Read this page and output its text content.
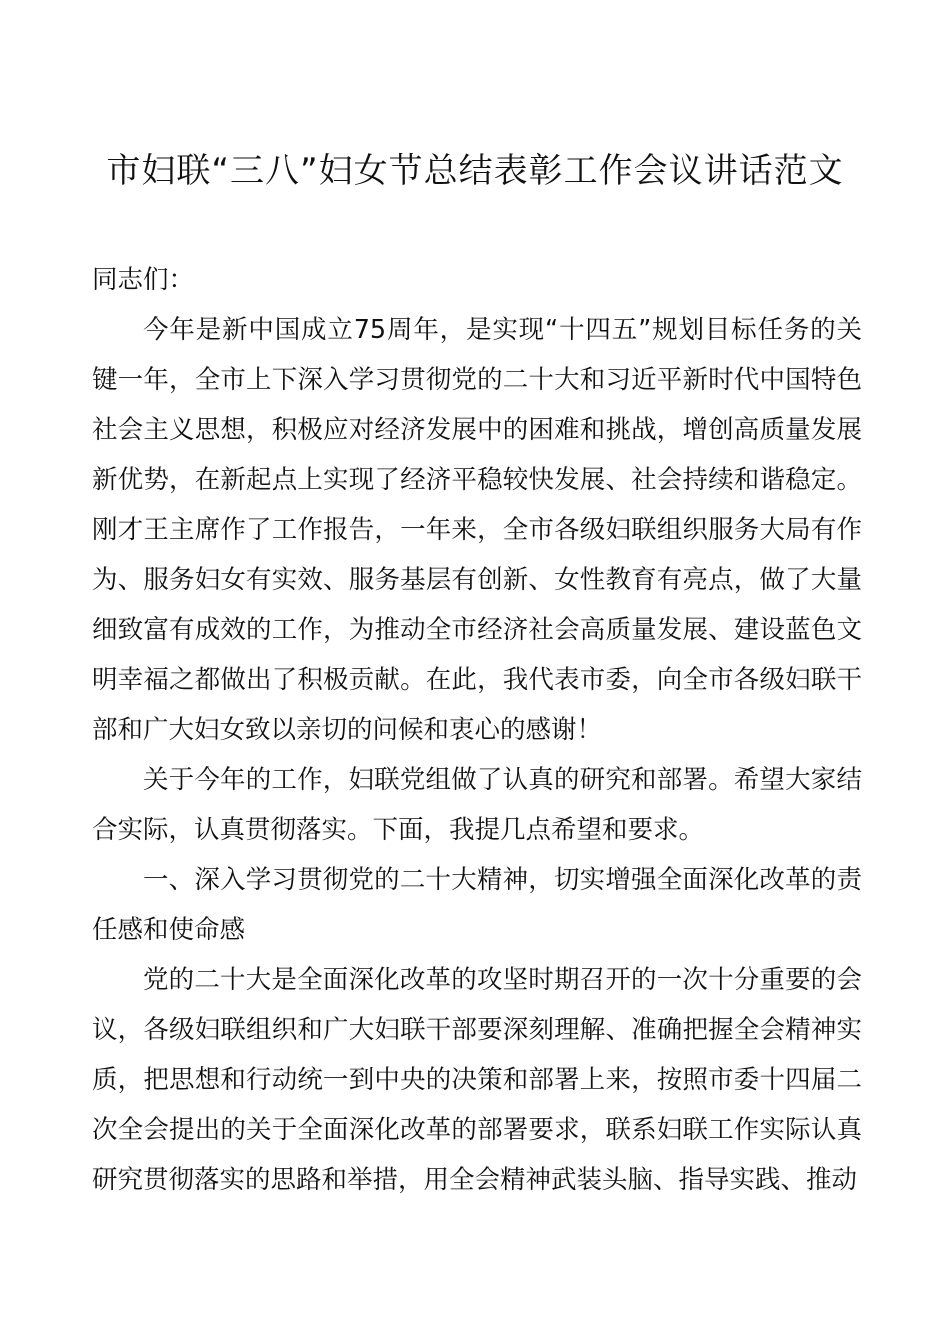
市妇联“三八”妇女节总结表彰工作会议讲话范文

同志们：

今年是新中国成立75周年，是实现“十四五”规划目标任务的关键一年，全市上下深入学习贯彻党的二十大和习近平新时代中国特色社会主义思想，积极应对经济发展中的困难和挑战，增创高质量发展新优势，在新起点上实现了经济平稳较快发展、社会持续和谐稳定。刚才王主席作了工作报告，一年来，全市各级妇联组织服务大局有作为、服务妇女有实效、服务基层有创新、女性教育有亮点，做了大量细致富有成效的工作，为推动全市经济社会高质量发展、建设蓝色文明幸福之都做出了积极贡献。在此，我代表市委，向全市各级妇联干部和广大妇女致以亲切的问候和衷心的感谢！

关于今年的工作，妇联党组做了认真的研究和部署。希望大家结合实际，认真贯彻落实。下面，我提几点希望和要求。

一、深入学习贯彻党的二十大精神，切实增强全面深化改革的责任感和使命感

党的二十大是全面深化改革的攻坚时期召开的一次十分重要的会议，各级妇联组织和广大妇联干部要深刻理解、准确把握全会精神实质，把思想和行动统一到中央的决策和部署上来，按照市委十四届二次全会提出的关于全面深化改革的部署要求，联系妇联工作实际认真研究贯彻落实的思路和举措，用全会精神武装头脑、指导实践、推动
